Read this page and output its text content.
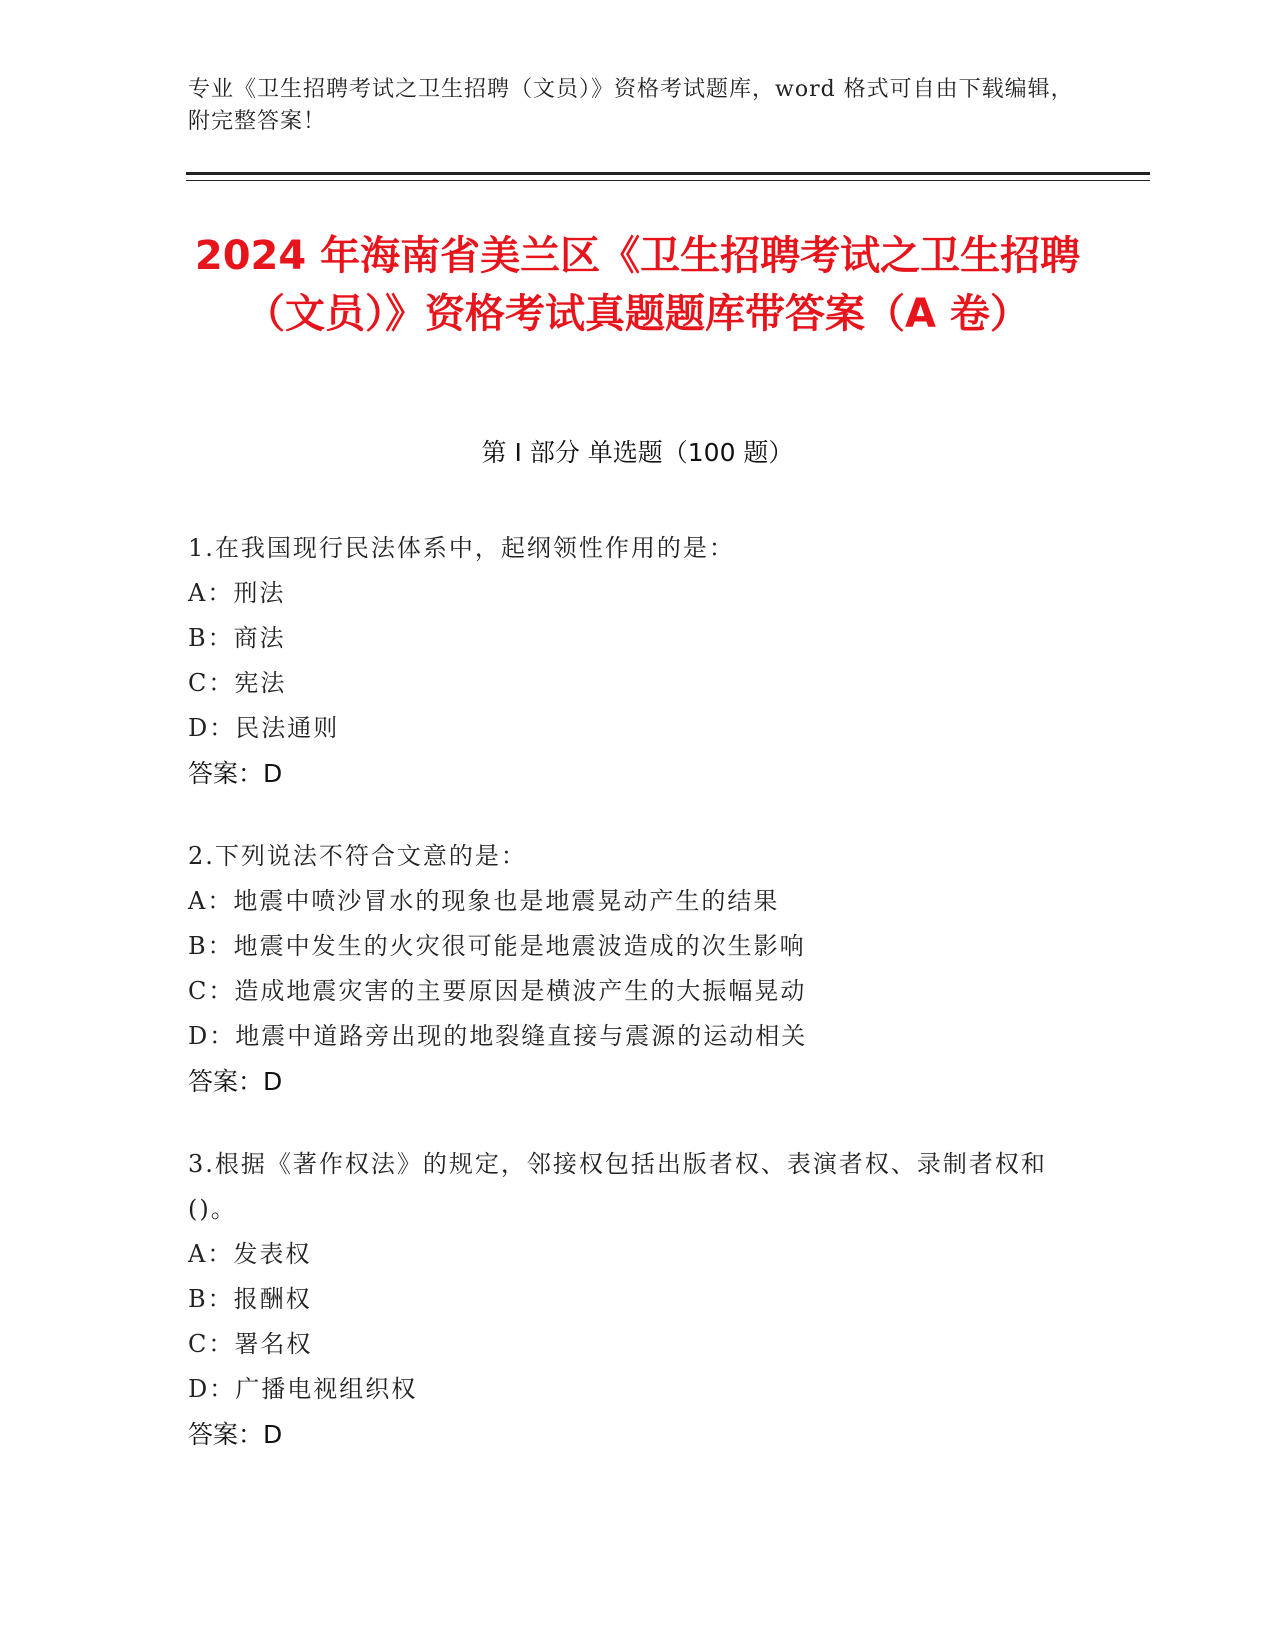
专业《卫生招聘考试之卫生招聘（文员）》资格考试题库，word 格式可自由下载编辑，附完整答案！
2024 年海南省美兰区《卫生招聘考试之卫生招聘（文员）》资格考试真题题库带答案（A 卷）
第 I 部分 单选题（100 题）
1.在我国现行民法体系中，起纲领性作用的是：
A：刑法
B：商法
C：宪法
D：民法通则
答案：D
2.下列说法不符合文意的是：
A：地震中喷沙冒水的现象也是地震晃动产生的结果
B：地震中发生的火灾很可能是地震波造成的次生影响
C：造成地震灾害的主要原因是横波产生的大振幅晃动
D：地震中道路旁出现的地裂缝直接与震源的运动相关
答案：D
3.根据《著作权法》的规定，邻接权包括出版者权、表演者权、录制者权和()。
A：发表权
B：报酬权
C：署名权
D：广播电视组织权
答案：D
